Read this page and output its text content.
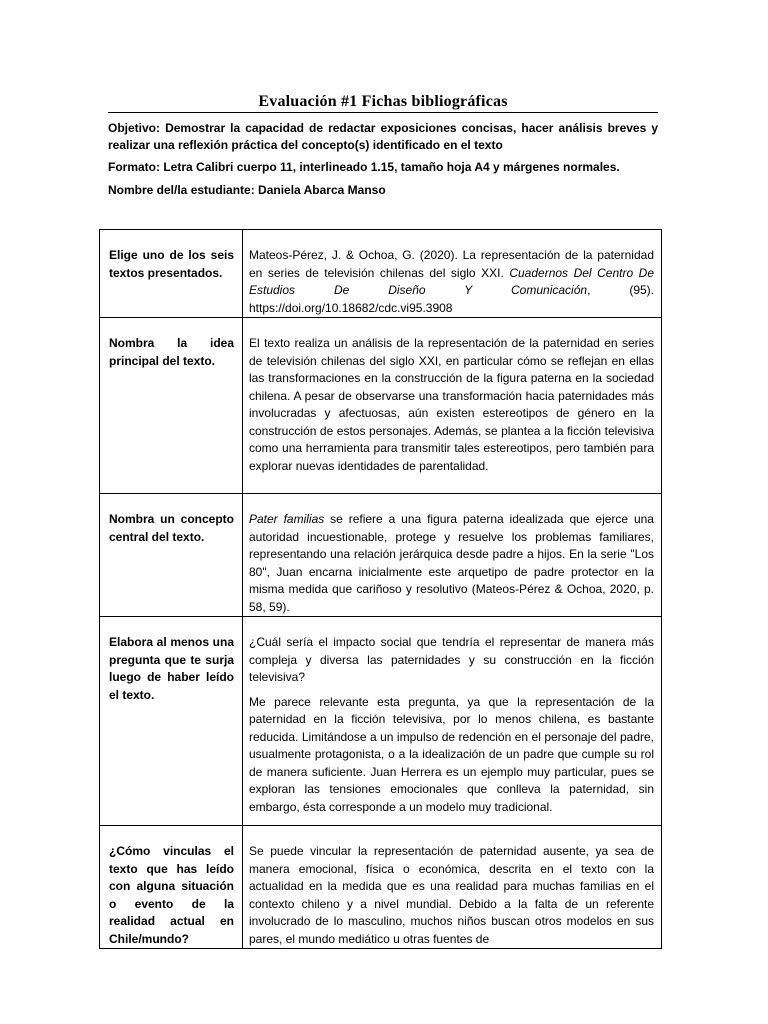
Evaluación #1 Fichas bibliográficas
Objetivo: Demostrar la capacidad de redactar exposiciones concisas, hacer análisis breves y realizar una reflexión práctica del concepto(s) identificado en el texto
Formato: Letra Calibri cuerpo 11, interlineado 1.15, tamaño hoja A4 y márgenes normales.
Nombre del/la estudiante: Daniela Abarca Manso
Elige uno de los seis textos presentados.	Mateos-Pérez, J. & Ochoa, G. (2020). La representación de la paternidad en series de televisión chilenas del siglo XXI. Cuadernos Del Centro De Estudios De Diseño Y Comunicación, (95). https://doi.org/10.18682/cdc.vi95.3908

Nombra la idea principal del texto.	El texto realiza un análisis de la representación de la paternidad en series de televisión chilenas del siglo XXI, en particular cómo se reflejan en ellas las transformaciones en la construcción de la figura paterna en la sociedad chilena. A pesar de observarse una transformación hacia paternidades más involucradas y afectuosas, aún existen estereotipos de género en la construcción de estos personajes. Además, se plantea a la ficción televisiva como una herramienta para transmitir tales estereotipos, pero también para explorar nuevas identidades de parentalidad.

Nombra un concepto central del texto.	Pater familias se refiere a una figura paterna idealizada que ejerce una autoridad incuestionable, protege y resuelve los problemas familiares, representando una relación jerárquica desde padre a hijos. En la serie "Los 80", Juan encarna inicialmente este arquetipo de padre protector en la misma medida que cariñoso y resolutivo (Mateos-Pérez & Ochoa, 2020, p. 58, 59).

Elabora al menos una pregunta que te surja luego de haber leído el texto.	¿Cuál sería el impacto social que tendría el representar de manera más compleja y diversa las paternidades y su construcción en la ficción televisiva?

Me parece relevante esta pregunta, ya que la representación de la paternidad en la ficción televisiva, por lo menos chilena, es bastante reducida. Limitándose a un impulso de redención en el personaje del padre, usualmente protagonista, o a la idealización de un padre que cumple su rol de manera suficiente. Juan Herrera es un ejemplo muy particular, pues se exploran las tensiones emocionales que conlleva la paternidad, sin embargo, ésta corresponde a un modelo muy tradicional.

¿Cómo vinculas el texto que has leído con alguna situación o evento de la realidad actual en Chile/mundo?	Se puede vincular la representación de paternidad ausente, ya sea de manera emocional, física o económica, descrita en el texto con la actualidad en la medida que es una realidad para muchas familias en el contexto chileno y a nivel mundial. Debido a la falta de un referente involucrado de lo masculino, muchos niños buscan otros modelos en sus pares, el mundo mediático u otras fuentes de
